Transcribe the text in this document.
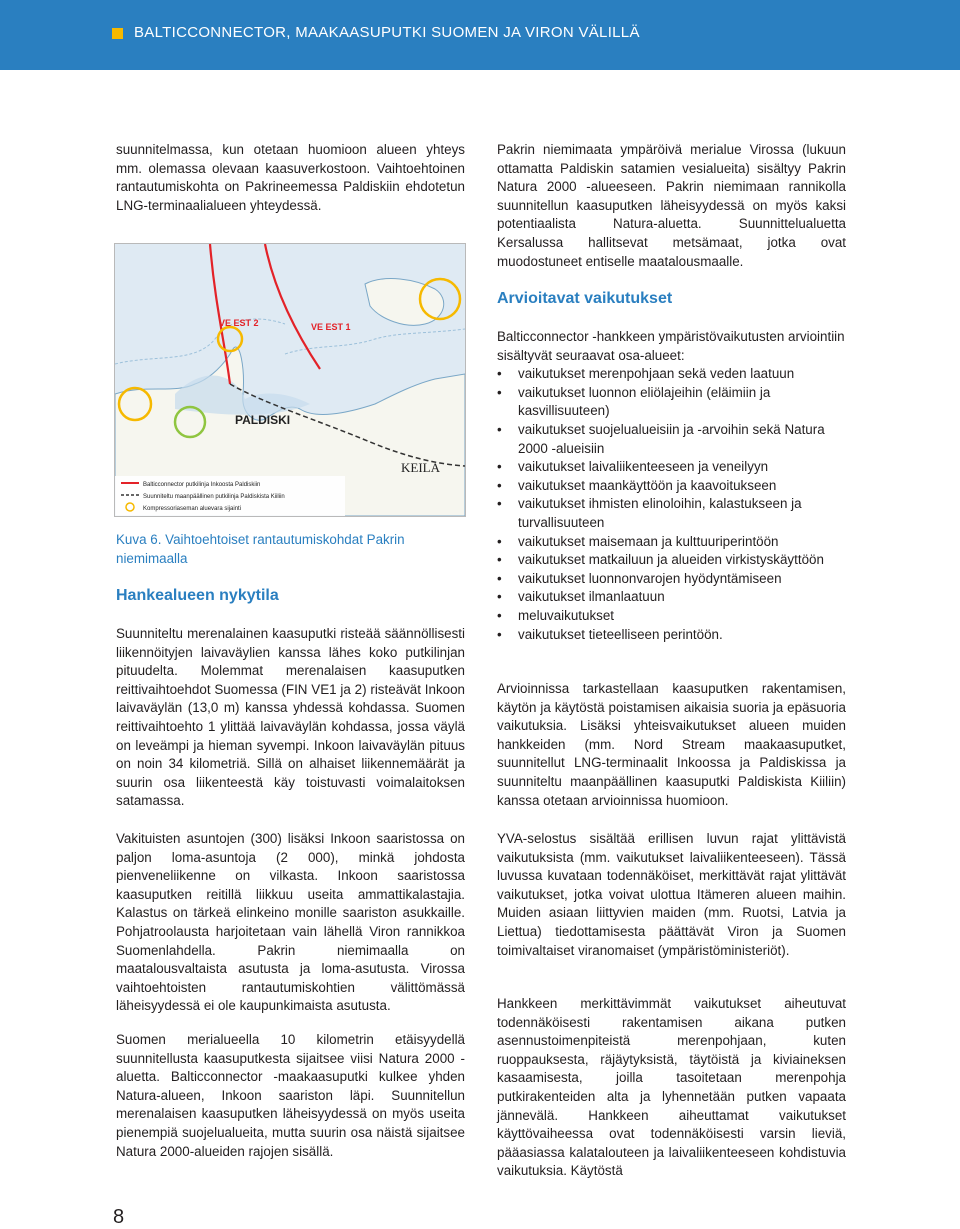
BALTICCONNECTOR, MAAKAASUPUTKI SUOMEN JA VIRON VÄLILLÄ

suunnitelmassa, kun otetaan huomioon alueen yhteys mm. olemassa olevaan kaasuverkostoon. Vaihtoehtoinen rantautumiskohta on Pakrineemessa Paldiskiin ehdotetun LNG-terminaalialueen yhteydessä.

VE EST 2	VE EST 1
PALDISKI
KEILA
Balticconnector putkilinja Inkoosta Paldiskiin
Suunniteltu maanpäällinen putkilinja Paldiskista Kiiliin
Kompressoriaseman aluevara sijainti

Kuva 6. Vaihtoehtoiset rantautumiskohdat Pakrin niemimaalla

Hankealueen nykytila

Suunniteltu merenalainen kaasuputki risteää säännöllisesti liikennöityjen laivaväylien kanssa lähes koko putkilinjan pituudelta. Molemmat merenalaisen kaasuputken reittivaihtoehdot Suomessa (FIN VE1 ja 2) risteävät Inkoon laivaväylän (13,0 m) kanssa yhdessä kohdassa. Suomen reittivaihtoehto 1 ylittää laivaväylän kohdassa, jossa väylä on leveämpi ja hieman syvempi. Inkoon laivaväylän pituus on noin 34 kilometriä. Sillä on alhaiset liikennemäärät ja suurin osa liikenteestä käy toistuvasti voimalaitoksen satamassa.

Vakituisten asuntojen (300) lisäksi Inkoon saaristossa on paljon loma-asuntoja (2 000), minkä johdosta pienveneliikenne on vilkasta. Inkoon saaristossa kaasuputken reitillä liikkuu useita ammattikalastajia. Kalastus on tärkeä elinkeino monille saariston asukkaille. Pohjatroolausta harjoitetaan vain lähellä Viron rannikkoa Suomenlahdella. Pakrin niemimaalla on maatalousvaltaista asutusta ja loma-asutusta. Virossa vaihtoehtoisten rantautumiskohtien välittömässä läheisyydessä ei ole kaupunkimaista asutusta.

Suomen merialueella 10 kilometrin etäisyydellä suunnitellusta kaasuputkesta sijaitsee viisi Natura 2000 -aluetta. Balticconnector -maakaasuputki kulkee yhden Natura-alueen, Inkoon saariston läpi. Suunnitellun merenalaisen kaasuputken läheisyydessä on myös useita pienempiä suojelualueita, mutta suurin osa näistä sijaitsee Natura 2000-alueiden rajojen sisällä.

Pakrin niemimaata ympäröivä merialue Virossa (lukuun ottamatta Paldiskin satamien vesialueita) sisältyy Pakrin Natura 2000 -alueeseen. Pakrin niemimaan rannikolla suunnitellun kaasuputken läheisyydessä on myös kaksi potentiaalista Natura-aluetta. Suunnittelualuetta Kersalussa hallitsevat metsämaat, jotka ovat muodostuneet entiselle maatalousmaalle.

Arvioitavat vaikutukset

Balticconnector -hankkeen ympäristövaikutusten arviointiin sisältyvät seuraavat osa-alueet:

• vaikutukset merenpohjaan sekä veden laatuun
• vaikutukset luonnon eliölajeihin (eläimiin ja kasvillisuuteen)
• vaikutukset suojelualueisiin ja -arvoihin sekä Natura 2000 -alueisiin
• vaikutukset laivaliikenteeseen ja veneilyyn
• vaikutukset maankäyttöön ja kaavoitukseen
• vaikutukset ihmisten elinoloihin, kalastukseen ja turvallisuuteen
• vaikutukset maisemaan ja kulttuuriperintöön
• vaikutukset matkailuun ja alueiden virkistyskäyttöön
• vaikutukset luonnonvarojen hyödyntämiseen
• vaikutukset ilmanlaatuun
• meluvaikutukset
• vaikutukset tieteelliseen perintöön.

Arvioinnissa tarkastellaan kaasuputken rakentamisen, käytön ja käytöstä poistamisen aikaisia suoria ja epäsuoria vaikutuksia. Lisäksi yhteisvaikutukset alueen muiden hankkeiden (mm. Nord Stream maakaasuputket, suunnitellut LNG-terminaalit Inkoossa ja Paldiskissa ja suunniteltu maanpäällinen kaasuputki Paldiskista Kiiliin) kanssa otetaan arvioinnissa huomioon.

YVA-selostus sisältää erillisen luvun rajat ylittävistä vaikutuksista (mm. vaikutukset laivaliikenteeseen). Tässä luvussa kuvataan todennäköiset, merkittävät rajat ylittävät vaikutukset, jotka voivat ulottua Itämeren alueen maihin. Muiden asiaan liittyvien maiden (mm. Ruotsi, Latvia ja Liettua) tiedottamisesta päättävät Viron ja Suomen toimivaltaiset viranomaiset (ympäristöministeriöt).

Hankkeen merkittävimmät vaikutukset aiheutuvat todennäköisesti rakentamisen aikana putken asennustoimenpiteistä merenpohjaan, kuten ruoppauksesta, räjäytyksistä, täytöistä ja kiviaineksen kasaamisesta, joilla tasoitetaan merenpohja putkirakenteiden alta ja lyhennetään putken vapaata jännevälä. Hankkeen aiheuttamat vaikutukset käyttövaiheessa ovat todennäköisesti varsin lieviä, pääasiassa kalatalouteen ja laivaliikenteeseen kohdistuvia vaikutuksia. Käytöstä

8
